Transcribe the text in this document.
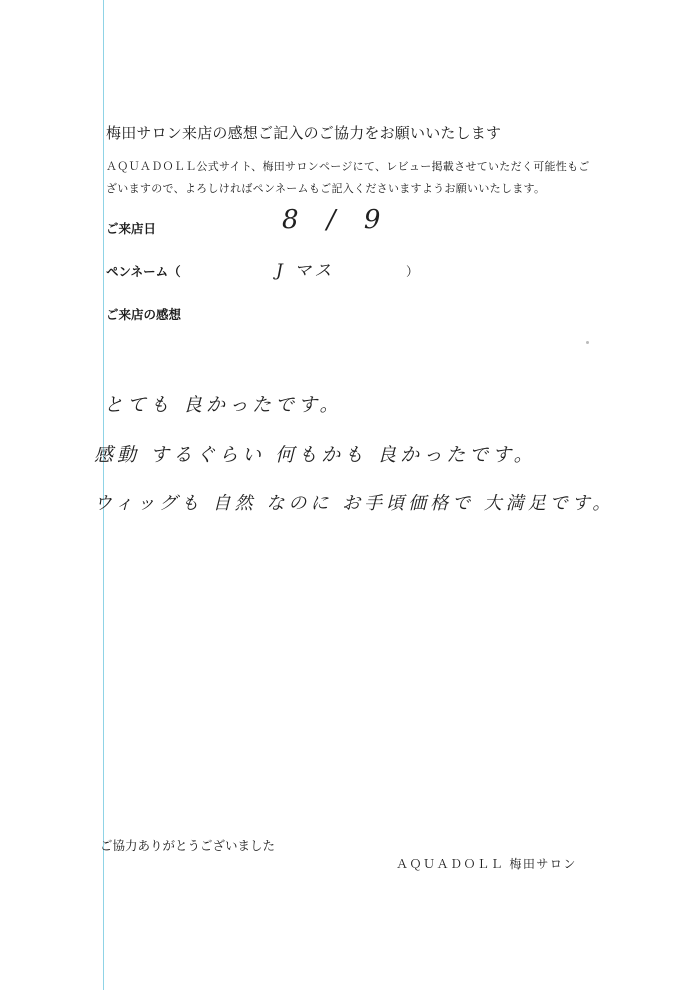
梅田サロン来店の感想ご記入のご協力をお願いいたします
ＡＱＵＡＤＯＬＬ公式サイト、梅田サロンページにて、レビュー掲載させていただく可能性もご
ざいますので、よろしければペンネームもご記入くださいますようお願いいたします。
ご来店日	8 / 9
ペンネーム（	J マス	）
ご来店の感想
とても 良かったです。
感動 するぐらい 何もかも 良かったです。
ウィッグも 自然 なのに お手頃価格で 大満足です。
ご協力ありがとうございました
ＡＱＵＡＤＯＬＬ 梅田サロン
